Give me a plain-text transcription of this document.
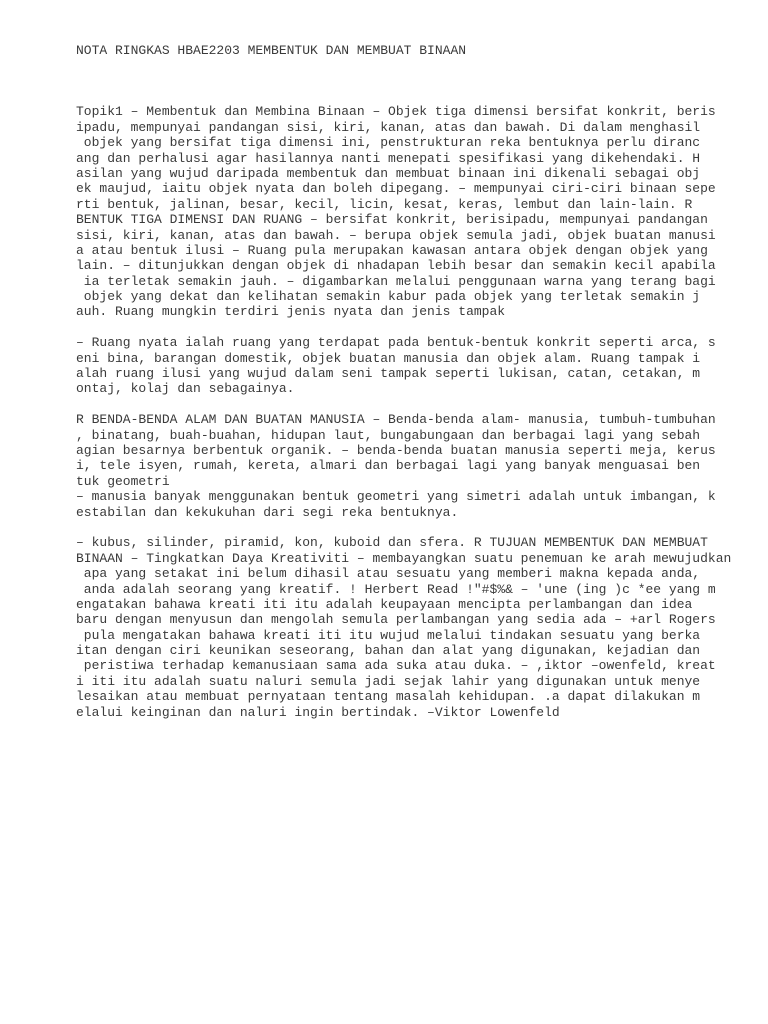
NOTA RINGKAS HBAE2203 MEMBENTUK DAN MEMBUAT BINAAN

Topik1 – Membentuk dan Membina Binaan – Objek tiga dimensi bersifat konkrit, beris
ipadu, mempunyai pandangan sisi, kiri, kanan, atas dan bawah. Di dalam menghasil
objek yang bersifat tiga dimensi ini, penstrukturan reka bentuknya perlu diranc
ang dan perhalusi agar hasilannya nanti menepati spesifikasi yang dikehendaki. H
asilan yang wujud daripada membentuk dan membuat binaan ini dikenali sebagai obj
ek maujud, iaitu objek nyata dan boleh dipegang. – mempunyai ciri-ciri binaan sepe
rti bentuk, jalinan, besar, kecil, licin, kesat, keras, lembut dan lain-lain. R
BENTUK TIGA DIMENSI DAN RUANG – bersifat konkrit, berisipadu, mempunyai pandangan
sisi, kiri, kanan, atas dan bawah. – berupa objek semula jadi, objek buatan manusi
a atau bentuk ilusi – Ruang pula merupakan kawasan antara objek dengan objek yang
lain. – ditunjukkan dengan objek di nhadapan lebih besar dan semakin kecil apabila
ia terletak semakin jauh. – digambarkan melalui penggunaan warna yang terang bagi
objek yang dekat dan kelihatan semakin kabur pada objek yang terletak semakin j
auh. Ruang mungkin terdiri jenis nyata dan jenis tampak
– Ruang nyata ialah ruang yang terdapat pada bentuk-bentuk konkrit seperti arca, s
eni bina, barangan domestik, objek buatan manusia dan objek alam. Ruang tampak i
alah ruang ilusi yang wujud dalam seni tampak seperti lukisan, catan, cetakan, m
ontaj, kolaj dan sebagainya.
R BENDA-BENDA ALAM DAN BUATAN MANUSIA – Benda-benda alam- manusia, tumbuh-tumbuhan
, binatang, buah-buahan, hidupan laut, bungabungaan dan berbagai lagi yang sebah
agian besarnya berbentuk organik. – benda-benda buatan manusia seperti meja, kerus
i, tele isyen, rumah, kereta, almari dan berbagai lagi yang banyak menguasai ben
tuk geometri
– manusia banyak menggunakan bentuk geometri yang simetri adalah untuk imbangan, k
estabilan dan kekukuhan dari segi reka bentuknya.
– kubus, silinder, piramid, kon, kuboid dan sfera. R TUJUAN MEMBENTUK DAN MEMBUAT
BINAAN – Tingkatkan Daya Kreativiti – membayangkan suatu penemuan ke arah mewujudkan
apa yang setakat ini belum dihasil atau sesuatu yang memberi makna kepada anda,
anda adalah seorang yang kreatif. ! Herbert Read !"#$%& – 'une (ing )c *ee yang m
engatakan bahawa kreati iti itu adalah keupayaan mencipta perlambangan dan idea
baru dengan menyusun dan mengolah semula perlambangan yang sedia ada – +arl Rogers
pula mengatakan bahawa kreati iti itu wujud melalui tindakan sesuatu yang berka
itan dengan ciri keunikan seseorang, bahan dan alat yang digunakan, kejadian dan
peristiwa terhadap kemanusiaan sama ada suka atau duka. – ,iktor –owenfeld, kreat
i iti itu adalah suatu naluri semula jadi sejak lahir yang digunakan untuk menye
lesaikan atau membuat pernyataan tentang masalah kehidupan. .a dapat dilakukan m
elalui keinginan dan naluri ingin bertindak. –Viktor Lowenfeld
